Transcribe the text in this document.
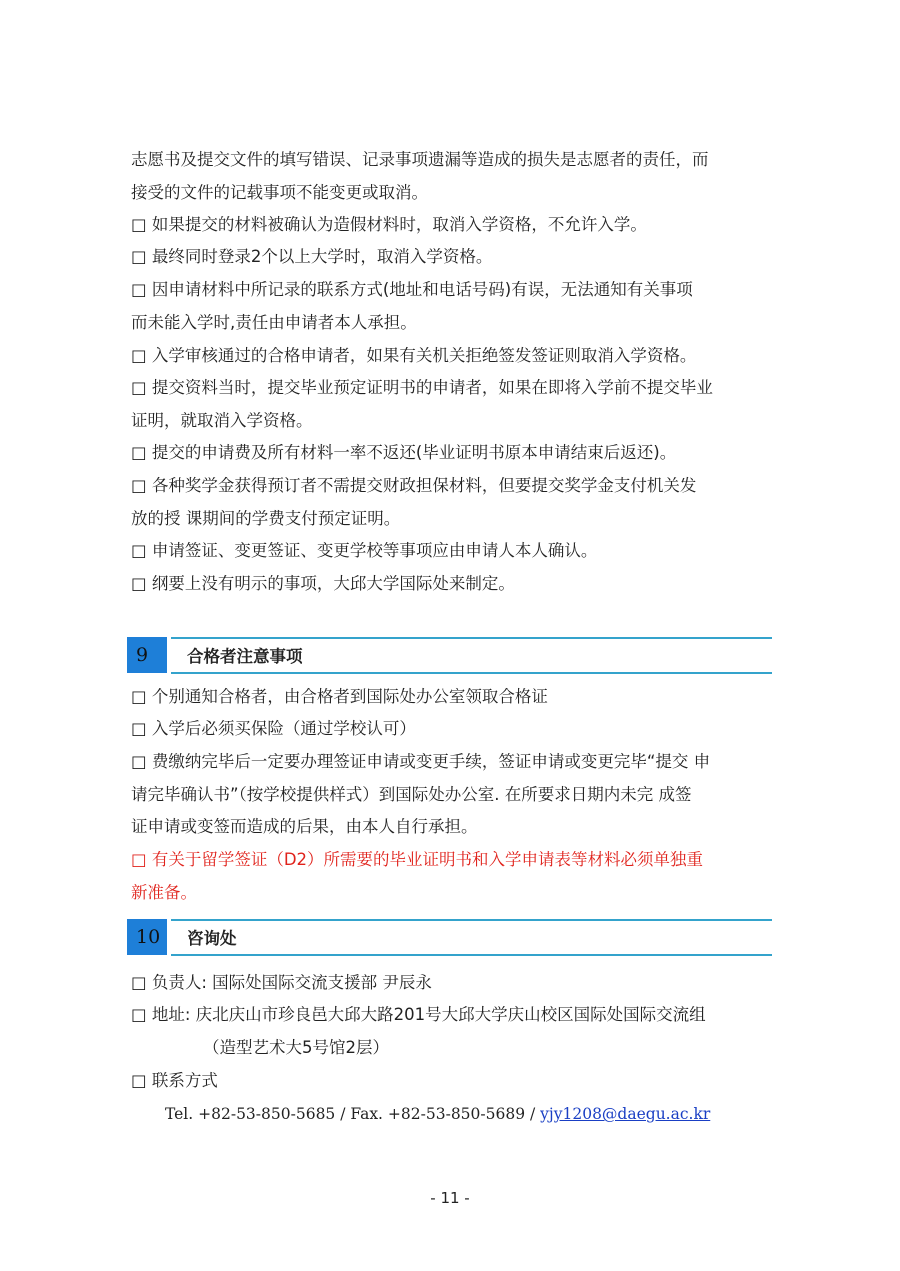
志愿书及提交文件的填写错误、记录事项遗漏等造成的损失是志愿者的责任，而
接受的文件的记载事项不能变更或取消。
□ 如果提交的材料被确认为造假材料时，取消入学资格，不允许入学。
□ 最终同时登录2个以上大学时，取消入学资格。
□ 因申请材料中所记录的联系方式(地址和电话号码)有误，无法通知有关事项
而未能入学时,责任由申请者本人承担。
□ 入学审核通过的合格申请者，如果有关机关拒绝签发签证则取消入学资格。
□ 提交资料当时，提交毕业预定证明书的申请者，如果在即将入学前不提交毕业
证明，就取消入学资格。
□ 提交的申请费及所有材料一率不返还(毕业证明书原本申请结束后返还)。
□ 各种奖学金获得预订者不需提交财政担保材料，但要提交奖学金支付机关发
放的授 课期间的学费支付预定证明。
□ 申请签证、变更签证、变更学校等事项应由申请人本人确认。
□ 纲要上没有明示的事项，大邱大学国际处来制定。
9	合格者注意事项
□ 个别通知合格者，由合格者到国际处办公室领取合格证
□ 入学后必须买保险（通过学校认可）
□ 费缴纳完毕后一定要办理签证申请或变更手续，签证申请或变更完毕“提交 申
请完毕确认书”（按学校提供样式）到国际处办公室. 在所要求日期内未完 成签
证申请或变签而造成的后果，由本人自行承担。
□ 有关于留学签证（D2）所需要的毕业证明书和入学申请表等材料必须单独重
新准备。
10	咨询处
□ 负责人: 国际处国际交流支援部 尹辰永
□ 地址: 庆北庆山市珍良邑大邱大路201号大邱大学庆山校区国际处国际交流组
（造型艺术大5号馆2层）
□ 联系方式
Tel. +82-53-850-5685 / Fax. +82-53-850-5689 / yjy1208@daegu.ac.kr
- 11 -
